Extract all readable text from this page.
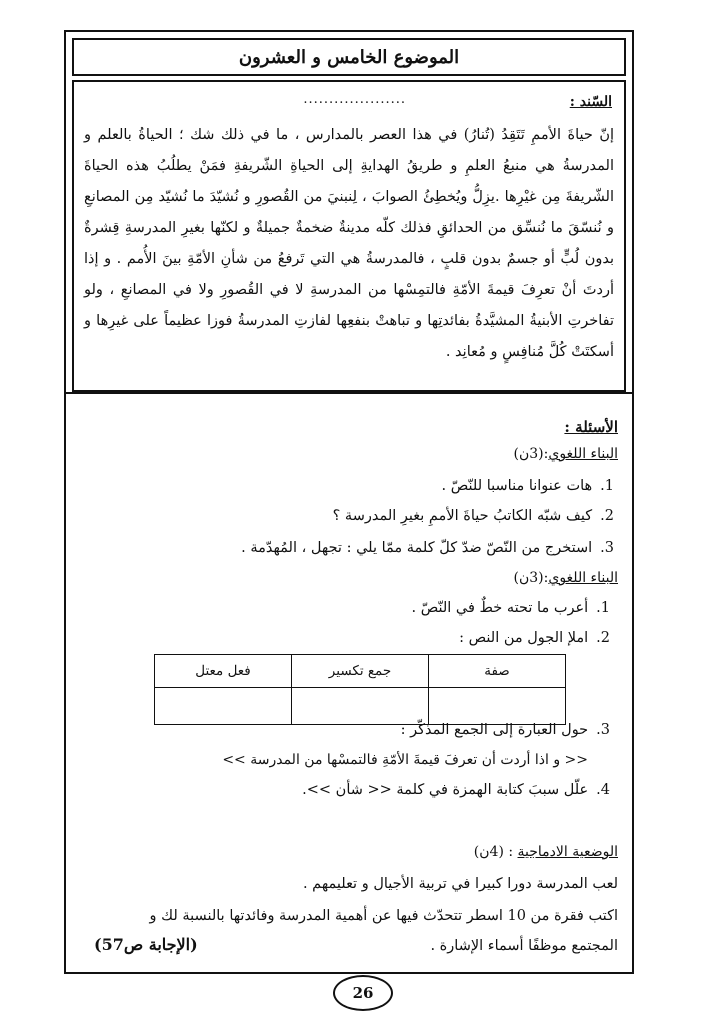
الموضوع الخامس و العشرون
السّند :
....................
إنّ حياةَ الأممِ تَتَقِدُ (تُنارُ) في هذا العصر بالمدارس ، ما في ذلك شك ؛ الحياةُ بالعلم و المدرسةُ هي منبعُ العلمِ و طريقُ الهدايةِ إلى الحياةِ الشّريفةِ فمَنْ يطلُبُ هذه الحياةَ الشّريفةَ مِن غيْرِها .يزِلُّ ويُخطِئُ الصوابَ ، لِنبنيَ من القُصورِ و نُشيّدَ ما نُشيّد مِن المصانعِ و نُنسّقَ ما نُنسِّق من الحدائقِ فذلك كلّه مدينةٌ ضخمةٌ جميلةٌ و لكنّها بغيرِ المدرسةِ قِشرةٌ بدون لُبٍّ أو جسمٌ بدون قلبٍ ، فالمدرسةُ هي التي تَرفعُ من شأنِ الأمّةِ بينَ الأُمم . و إذا أردتَ أنْ تعرِفَ قيمةَ الأمّةِ فالتمِسْها من المدرسةِ لا في القُصورِ ولا في المصانعِ ، ولو تفاخرتِ الأبنيةُ المشيَّدةُ بفائدتِها و تباهتْ بنفعِها لفازتِ المدرسةُ فوزا عظيماً على غيرِها و أسكتَتْ كُلَّ مُنافِسٍ و مُعانِد .
الأسئلة :
البناء اللغوي:(3ن)
1.هات عنوانا مناسبا للنّصّ .
2.كيف شبّه الكاتبُ حياةَ الأممِ بغيرِ المدرسة ؟
3.استخرج من النّصّ ضدّ كلّ كلمة ممّا يلي : تجهل ، المُهدّمة .
البناء اللغوي:(3ن)
1.أعرب ما تحته خطٌ في النّصّ .
2.املإ الجول من النص :
صفة	جمع تكسير	فعل معتل

3.حول العبارة إلى الجمع المذكّر :
<< و اذا أردت أن تعرفَ قيمةَ الأمّةِ فالتمسْها من المدرسة >>
4.علّل سببَ كتابة الهمزة في كلمة << شأن >>.
الوضعية الادماجية : (4ن)
لعب المدرسة دورا كبيرا في تربية الأجيال و تعليمهم .
اكتب فقرة من 10 اسطر تتحدّث فيها عن أهمية المدرسة وفائدتها بالنسبة لك و
المجتمع موظفًا أسماء الإشارة .
(الإجابة ص57)
26
